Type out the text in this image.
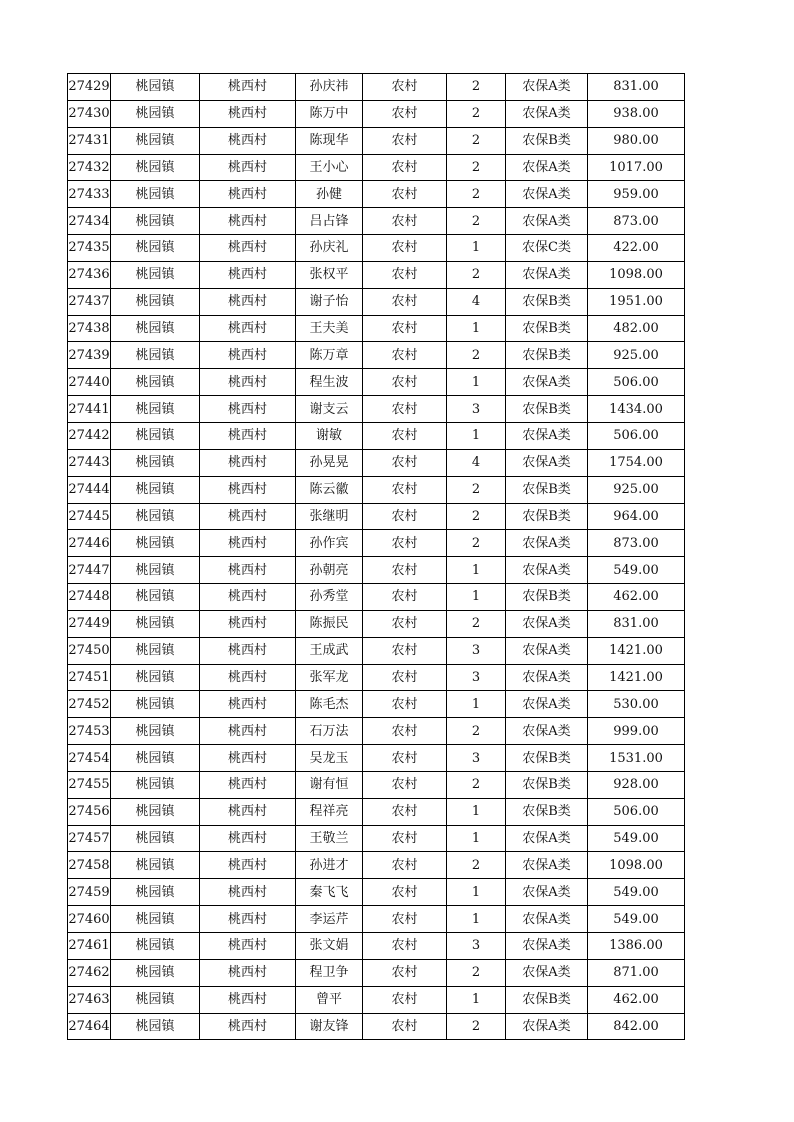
27429	桃园镇	桃西村	孙庆祎	农村	2	农保A类	831.00
27430	桃园镇	桃西村	陈万中	农村	2	农保A类	938.00
27431	桃园镇	桃西村	陈现华	农村	2	农保B类	980.00
27432	桃园镇	桃西村	王小心	农村	2	农保A类	1017.00
27433	桃园镇	桃西村	孙健	农村	2	农保A类	959.00
27434	桃园镇	桃西村	吕占锋	农村	2	农保A类	873.00
27435	桃园镇	桃西村	孙庆礼	农村	1	农保C类	422.00
27436	桃园镇	桃西村	张权平	农村	2	农保A类	1098.00
27437	桃园镇	桃西村	谢子怡	农村	4	农保B类	1951.00
27438	桃园镇	桃西村	王夫美	农村	1	农保B类	482.00
27439	桃园镇	桃西村	陈万章	农村	2	农保B类	925.00
27440	桃园镇	桃西村	程生波	农村	1	农保A类	506.00
27441	桃园镇	桃西村	谢支云	农村	3	农保B类	1434.00
27442	桃园镇	桃西村	谢敏	农村	1	农保A类	506.00
27443	桃园镇	桃西村	孙晃晃	农村	4	农保A类	1754.00
27444	桃园镇	桃西村	陈云徽	农村	2	农保B类	925.00
27445	桃园镇	桃西村	张继明	农村	2	农保B类	964.00
27446	桃园镇	桃西村	孙作宾	农村	2	农保A类	873.00
27447	桃园镇	桃西村	孙朝亮	农村	1	农保A类	549.00
27448	桃园镇	桃西村	孙秀堂	农村	1	农保B类	462.00
27449	桃园镇	桃西村	陈振民	农村	2	农保A类	831.00
27450	桃园镇	桃西村	王成武	农村	3	农保A类	1421.00
27451	桃园镇	桃西村	张军龙	农村	3	农保A类	1421.00
27452	桃园镇	桃西村	陈毛杰	农村	1	农保A类	530.00
27453	桃园镇	桃西村	石万法	农村	2	农保A类	999.00
27454	桃园镇	桃西村	吴龙玉	农村	3	农保B类	1531.00
27455	桃园镇	桃西村	谢有恒	农村	2	农保B类	928.00
27456	桃园镇	桃西村	程祥亮	农村	1	农保B类	506.00
27457	桃园镇	桃西村	王敬兰	农村	1	农保A类	549.00
27458	桃园镇	桃西村	孙进才	农村	2	农保A类	1098.00
27459	桃园镇	桃西村	秦飞飞	农村	1	农保A类	549.00
27460	桃园镇	桃西村	李运芹	农村	1	农保A类	549.00
27461	桃园镇	桃西村	张文娟	农村	3	农保A类	1386.00
27462	桃园镇	桃西村	程卫争	农村	2	农保A类	871.00
27463	桃园镇	桃西村	曾平	农村	1	农保B类	462.00
27464	桃园镇	桃西村	谢友锋	农村	2	农保A类	842.00
